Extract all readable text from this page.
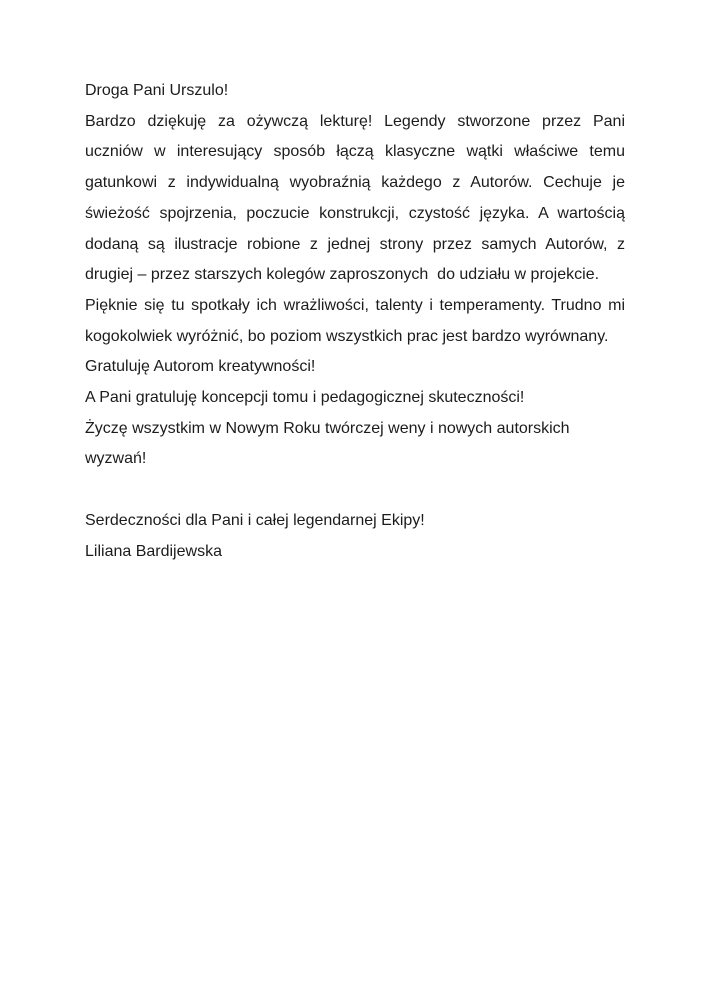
Droga Pani Urszulo!

Bardzo dziękuję za ożywczą lekturę! Legendy stworzone przez Pani uczniów w interesujący sposób łączą klasyczne wątki właściwe temu gatunkowi z indywidualną wyobraźnią każdego z Autorów. Cechuje je świeżość spojrzenia, poczucie konstrukcji, czystość języka. A wartością dodaną są ilustracje robione z jednej strony przez samych Autorów, z drugiej – przez starszych kolegów zaproszonych  do udziału w projekcie.

Pięknie się tu spotkały ich wrażliwości, talenty i temperamenty. Trudno mi kogokolwiek wyróżnić, bo poziom wszystkich prac jest bardzo wyrównany.

Gratuluję Autorom kreatywności!

A Pani gratuluję koncepcji tomu i pedagogicznej skuteczności!

Życzę wszystkim w Nowym Roku twórczej weny i nowych autorskich wyzwań!

Serdeczności dla Pani i całej legendarnej Ekipy!

Liliana Bardijewska
